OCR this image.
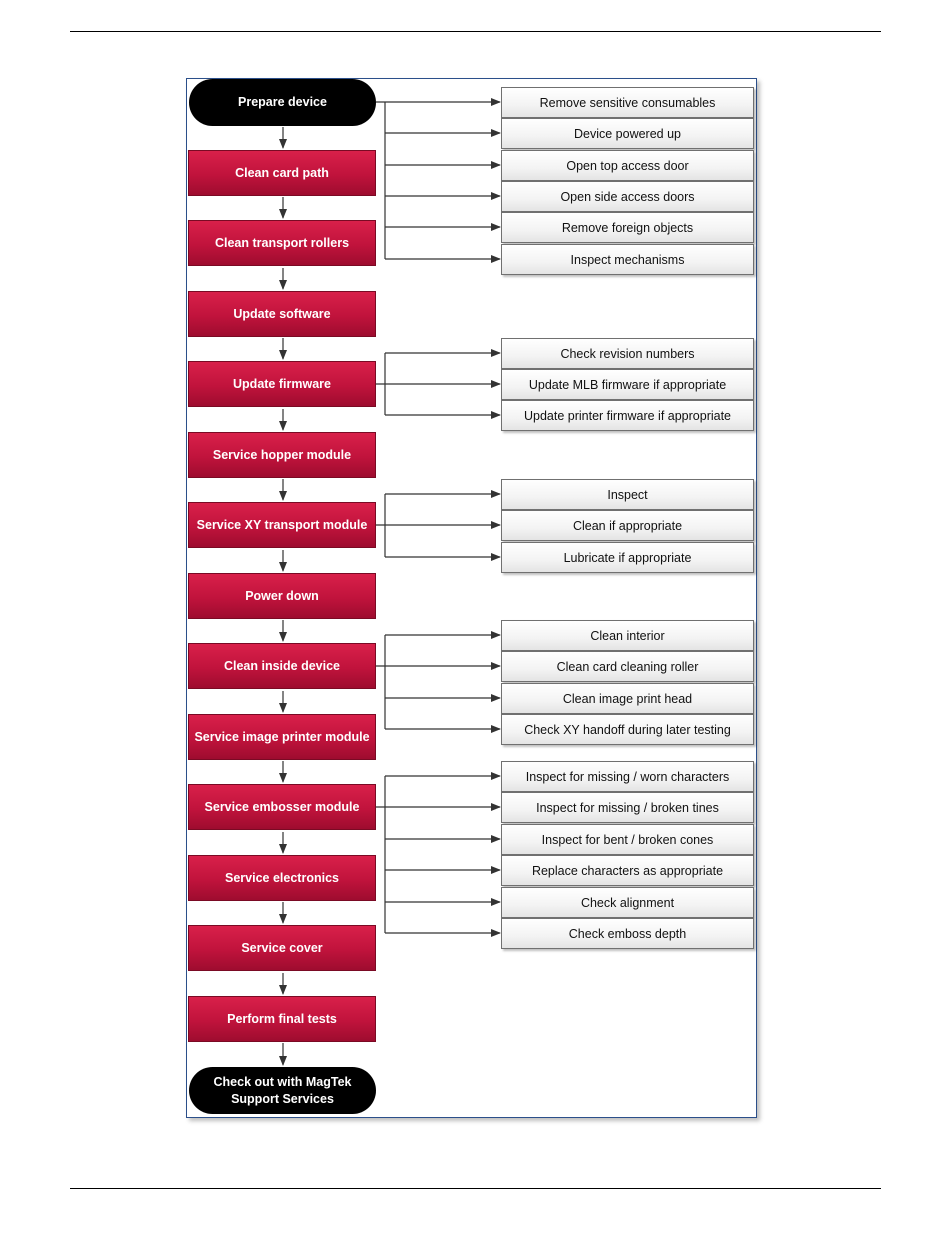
Prepare device
Clean card path
Clean transport rollers
Update software
Update firmware
Service hopper module
Service XY transport module
Power down
Clean inside device
Service image printer module
Service embosser module
Service electronics
Service cover
Perform final tests
Check out with MagTek Support Services
Remove sensitive consumables
Device powered up
Open top access door
Open side access doors
Remove foreign objects
Inspect mechanisms
Check revision numbers
Update MLB firmware if appropriate
Update printer firmware if appropriate
Inspect
Clean if appropriate
Lubricate if appropriate
Clean interior
Clean card cleaning roller
Clean image print head
Check XY handoff during later testing
Inspect for missing / worn characters
Inspect for missing / broken tines
Inspect for bent / broken cones
Replace characters as appropriate
Check alignment
Check emboss depth
